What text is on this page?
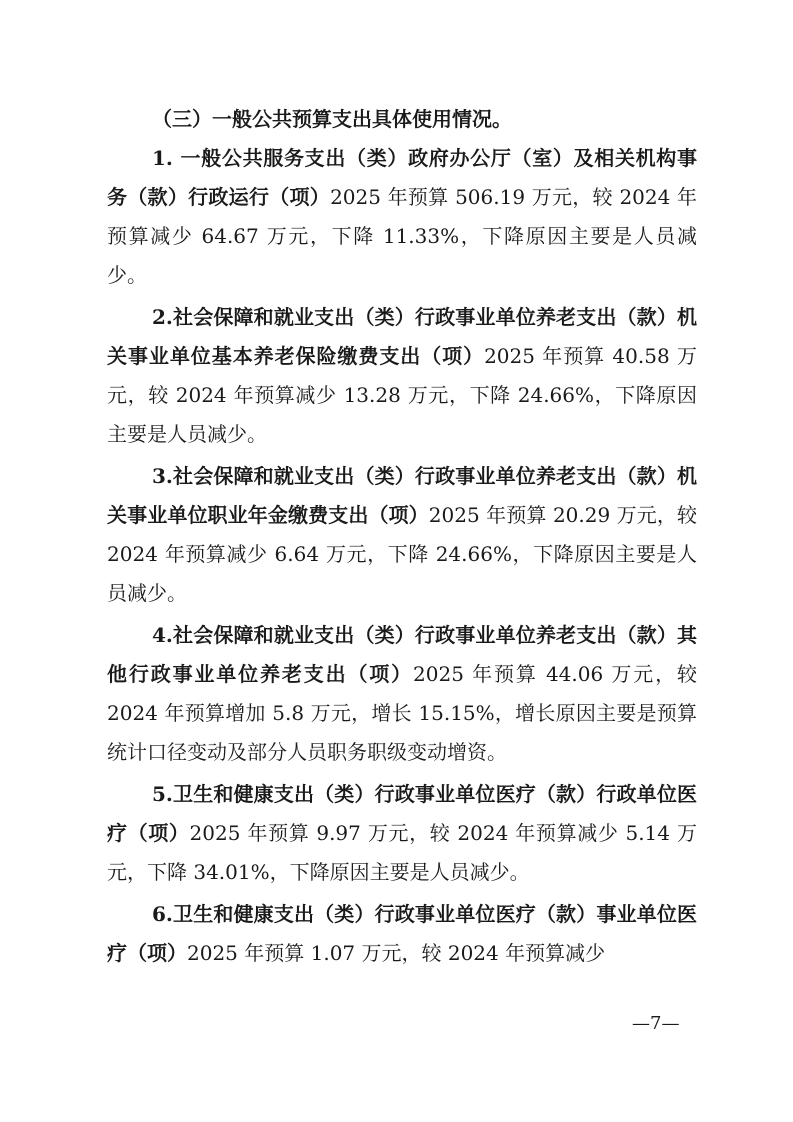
（三）一般公共预算支出具体使用情况。

1. 一般公共服务支出（类）政府办公厅（室）及相关机构事务（款）行政运行（项）2025 年预算 506.19 万元，较 2024 年预算减少 64.67 万元，下降 11.33%，下降原因主要是人员减少。

2.社会保障和就业支出（类）行政事业单位养老支出（款）机关事业单位基本养老保险缴费支出（项）2025 年预算 40.58 万元，较 2024 年预算减少 13.28 万元，下降 24.66%，下降原因主要是人员减少。

3.社会保障和就业支出（类）行政事业单位养老支出（款）机关事业单位职业年金缴费支出（项）2025 年预算 20.29 万元，较 2024 年预算减少 6.64 万元，下降 24.66%，下降原因主要是人员减少。

4.社会保障和就业支出（类）行政事业单位养老支出（款）其他行政事业单位养老支出（项）2025 年预算 44.06 万元，较 2024 年预算增加 5.8 万元，增长 15.15%，增长原因主要是预算统计口径变动及部分人员职务职级变动增资。

5.卫生和健康支出（类）行政事业单位医疗（款）行政单位医疗（项）2025 年预算 9.97 万元，较 2024 年预算减少 5.14 万元，下降 34.01%，下降原因主要是人员减少。

6.卫生和健康支出（类）行政事业单位医疗（款）事业单位医疗（项）2025 年预算 1.07 万元，较 2024 年预算减少

—7—
